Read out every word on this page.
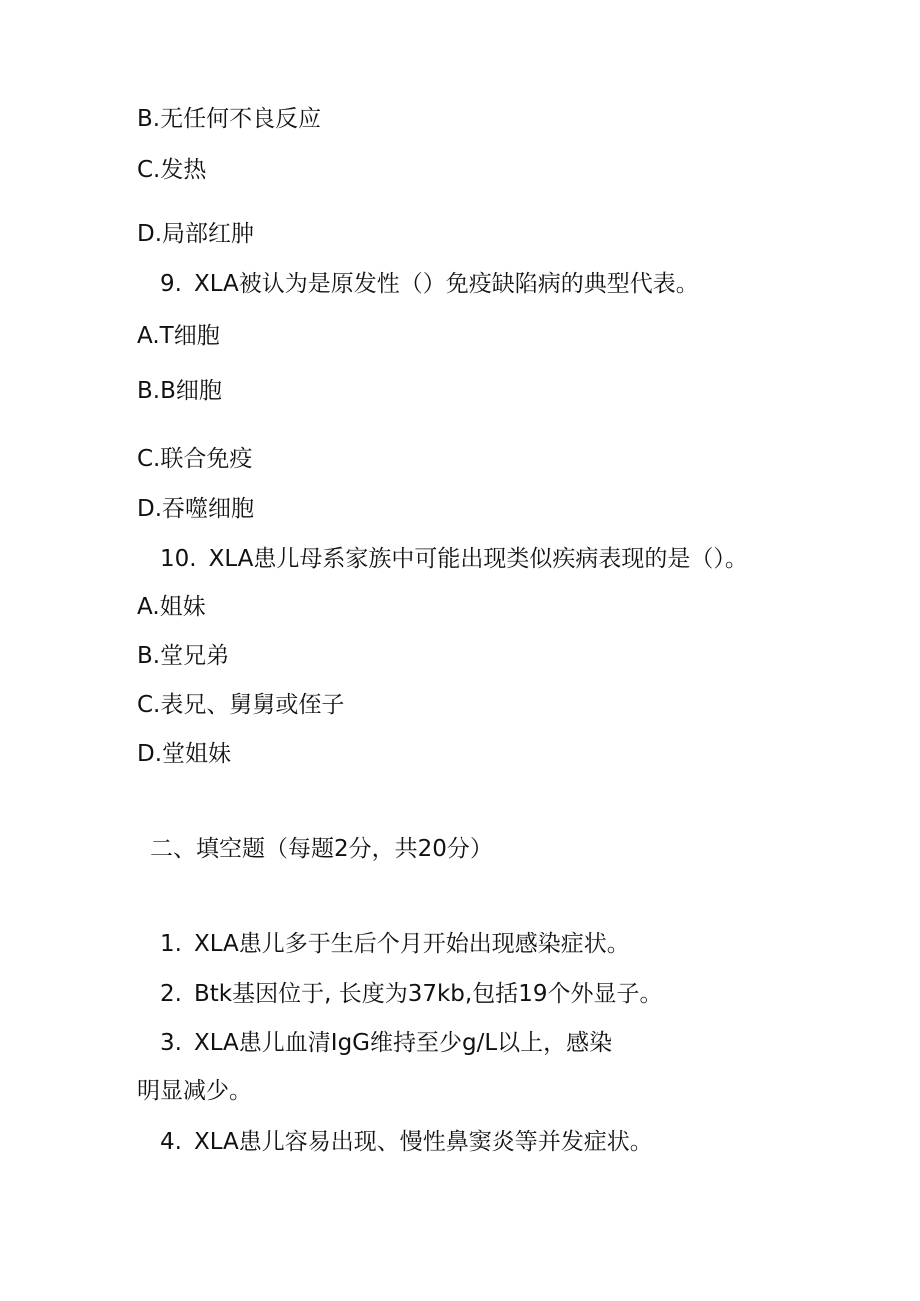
B.无任何不良反应
C.发热
D.局部红肿
9. XLA被认为是原发性（）免疫缺陷病的典型代表。
A.T细胞
B.B细胞
C.联合免疫
D.吞噬细胞
10. XLA患儿母系家族中可能出现类似疾病表现的是（）。
A.姐妹
B.堂兄弟
C.表兄、舅舅或侄子
D.堂姐妹
二、填空题（每题2分，共20分）
1. XLA患儿多于生后个月开始出现感染症状。
2. Btk基因位于, 长度为37kb,包括19个外显子。
3. XLA患儿血清IgG维持至少g/L以上，感染
明显减少。
4. XLA患儿容易出现、慢性鼻窦炎等并发症状。
